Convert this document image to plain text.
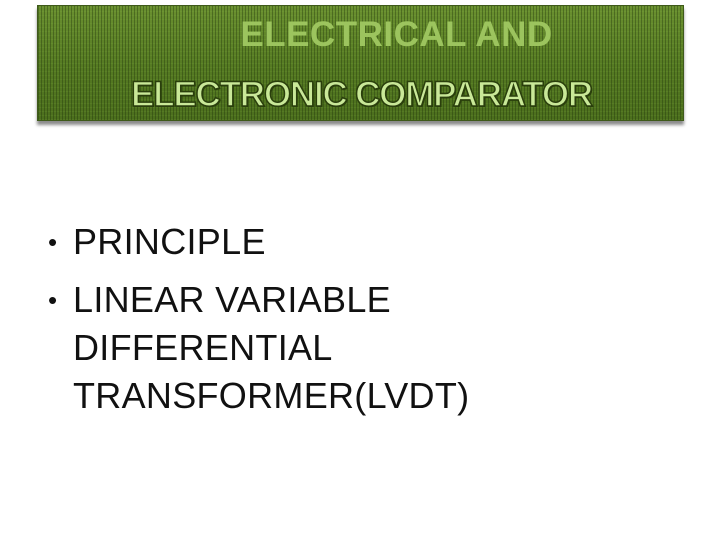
ELECTRICAL AND
ELECTRONIC COMPARATOR
• PRINCIPLE
• LINEAR VARIABLE
DIFFERENTIAL
TRANSFORMER(LVDT)
